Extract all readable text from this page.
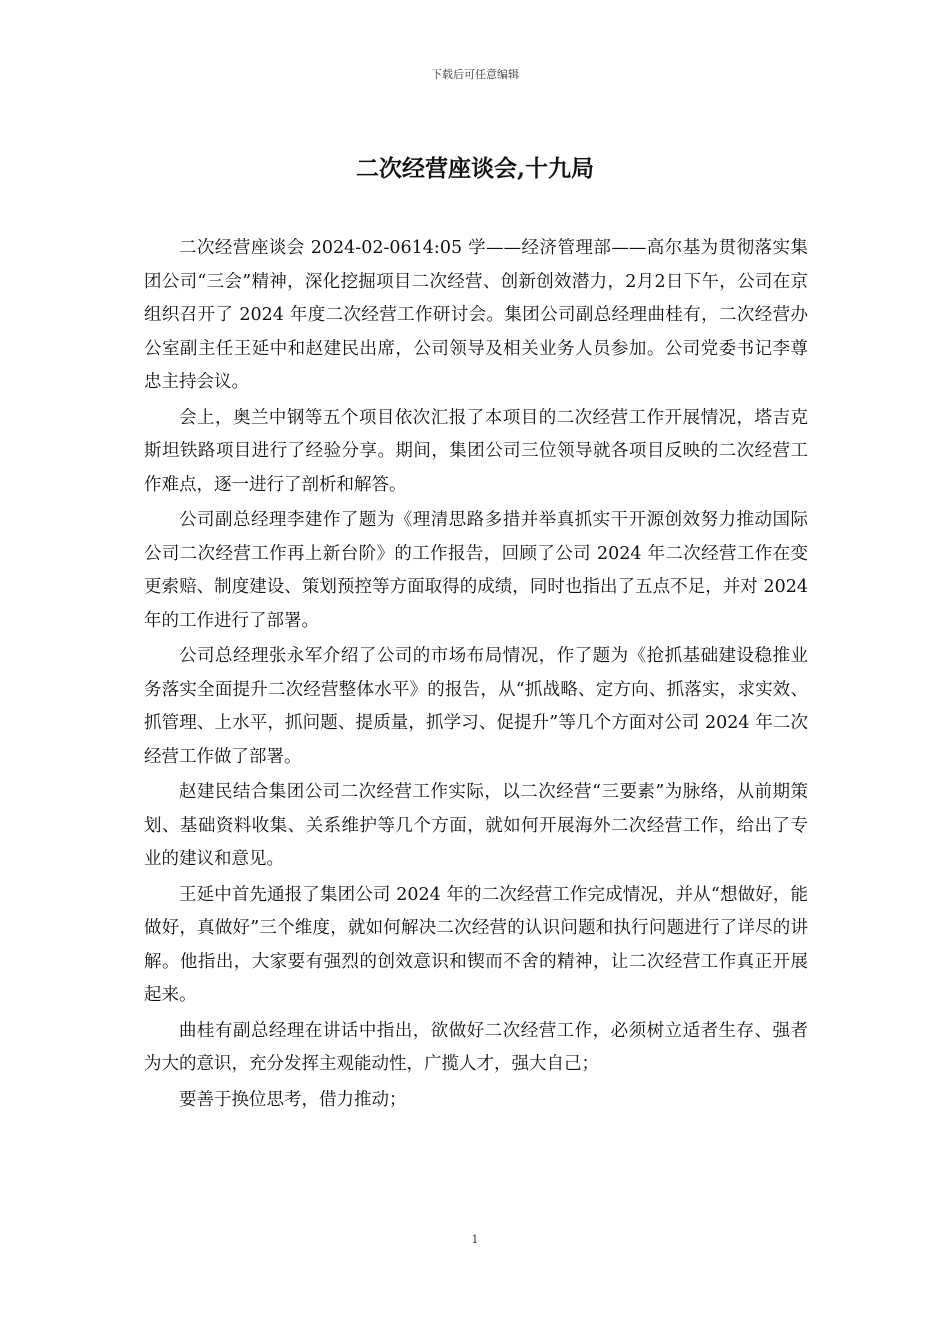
下载后可任意编辑
二次经营座谈会,十九局

二次经营座谈会 2024-02-0614:05 学——经济管理部——高尔基为贯彻落实集团公司“三会”精神，深化挖掘项目二次经营、创新创效潜力，2月2日下午，公司在京组织召开了 2024 年度二次经营工作研讨会。集团公司副总经理曲桂有，二次经营办公室副主任王延中和赵建民出席，公司领导及相关业务人员参加。公司党委书记李尊忠主持会议。

会上，奥兰中钢等五个项目依次汇报了本项目的二次经营工作开展情况，塔吉克斯坦铁路项目进行了经验分享。期间，集团公司三位领导就各项目反映的二次经营工作难点，逐一进行了剖析和解答。

公司副总经理李建作了题为《理清思路多措并举真抓实干开源创效努力推动国际公司二次经营工作再上新台阶》的工作报告，回顾了公司 2024 年二次经营工作在变更索赔、制度建设、策划预控等方面取得的成绩，同时也指出了五点不足，并对 2024 年的工作进行了部署。

公司总经理张永军介绍了公司的市场布局情况，作了题为《抢抓基础建设稳推业务落实全面提升二次经营整体水平》的报告，从“抓战略、定方向、抓落实，求实效、抓管理、上水平，抓问题、提质量，抓学习、促提升”等几个方面对公司 2024 年二次经营工作做了部署。

赵建民结合集团公司二次经营工作实际，以二次经营“三要素”为脉络，从前期策划、基础资料收集、关系维护等几个方面，就如何开展海外二次经营工作，给出了专业的建议和意见。

王延中首先通报了集团公司 2024 年的二次经营工作完成情况，并从“想做好，能做好，真做好”三个维度，就如何解决二次经营的认识问题和执行问题进行了详尽的讲解。他指出，大家要有强烈的创效意识和锲而不舍的精神，让二次经营工作真正开展起来。

曲桂有副总经理在讲话中指出，欲做好二次经营工作，必须树立适者生存、强者为大的意识，充分发挥主观能动性，广揽人才，强大自己；

要善于换位思考，借力推动；

1
